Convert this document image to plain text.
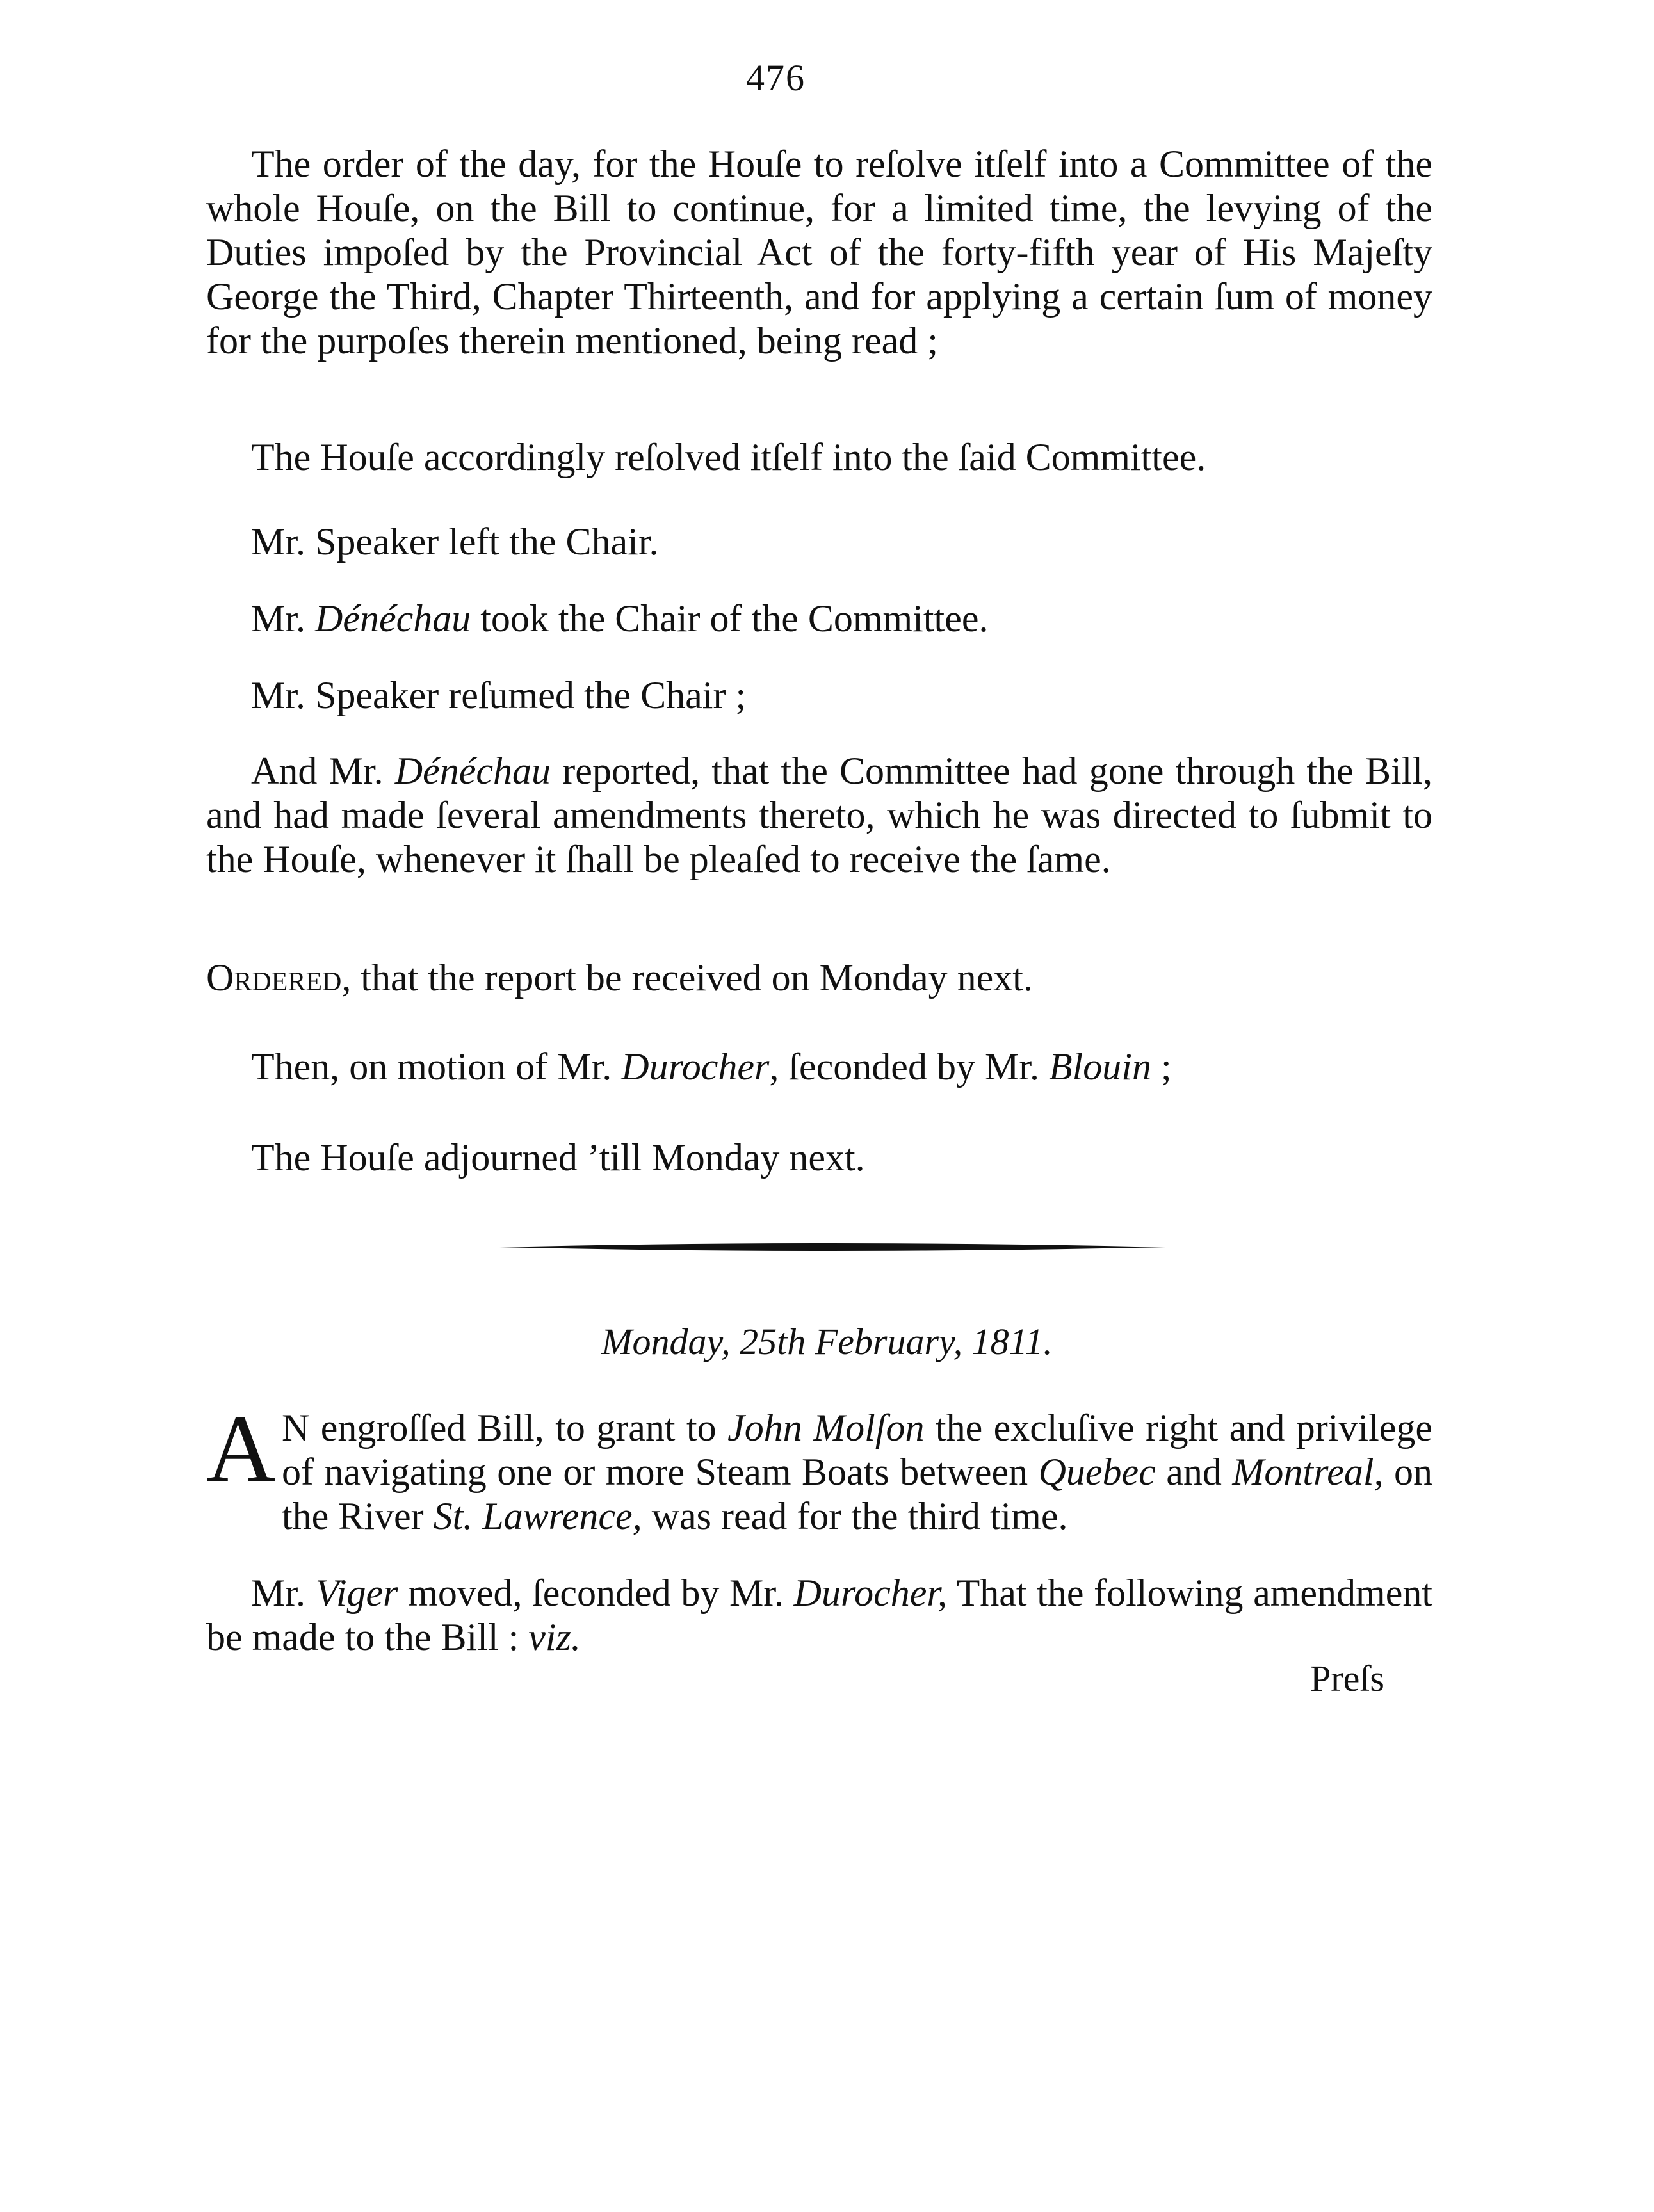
476

The order of the day, for the Houſe to reſolve itſelf into a Committee of the whole Houſe, on the Bill to continue, for a limited time, the levying of the Duties impoſed by the Provincial Act of the forty-fifth year of His Majeſty George the Third, Chapter Thirteenth, and for applying a certain ſum of money for the purpoſes therein mentioned, being read ;

The Houſe accordingly reſolved itſelf into the ſaid Committee.

Mr. Speaker left the Chair.

Mr. Dénéchau took the Chair of the Committee.

Mr. Speaker reſumed the Chair ;

And Mr. Dénéchau reported, that the Committee had gone through the Bill, and had made ſeveral amendments thereto, which he was directed to ſubmit to the Houſe, whenever it ſhall be pleaſed to receive the ſame.

Ordered, that the report be received on Monday next.

Then, on motion of Mr. Durocher, ſeconded by Mr. Blouin ;

The Houſe adjourned ’till Monday next.

Monday, 25th February, 1811.

A N engroſſed Bill, to grant to John Molſon the excluſive right and privilege of navigating one or more Steam Boats between Quebec and Montreal, on the River St. Lawrence, was read for the third time.

Mr. Viger moved, ſeconded by Mr. Durocher, That the following amendment be made to the Bill : viz.

Preſs
